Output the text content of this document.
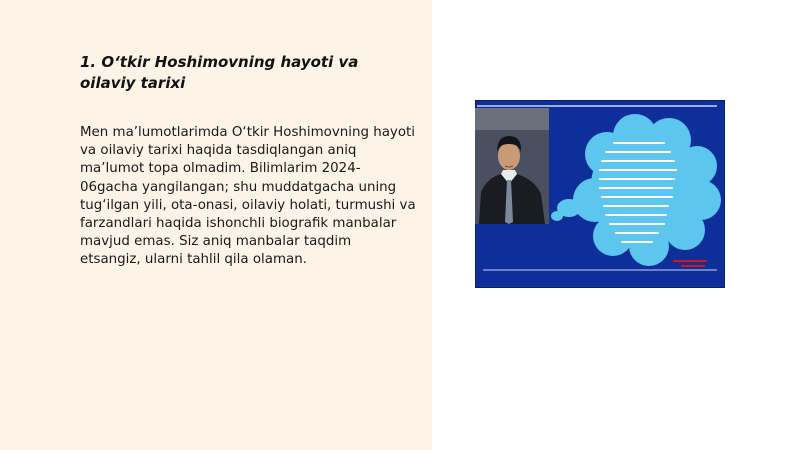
1. O‘tkir Hoshimovning hayoti va oilaviy tarixi

Men ma’lumotlarimda O‘tkir Hoshimovning hayoti va oilaviy tarixi haqida tasdiqlangan aniq ma’lumot topa olmadim. Bilimlarim 2024-06gacha yangilangan; shu muddatgacha uning tug‘ilgan yili, ota-onasi, oilaviy holati, turmushi va farzandlari haqida ishonchli biografik manbalar mavjud emas. Siz aniq manbalar taqdim etsangiz, ularni tahlil qila olaman.
